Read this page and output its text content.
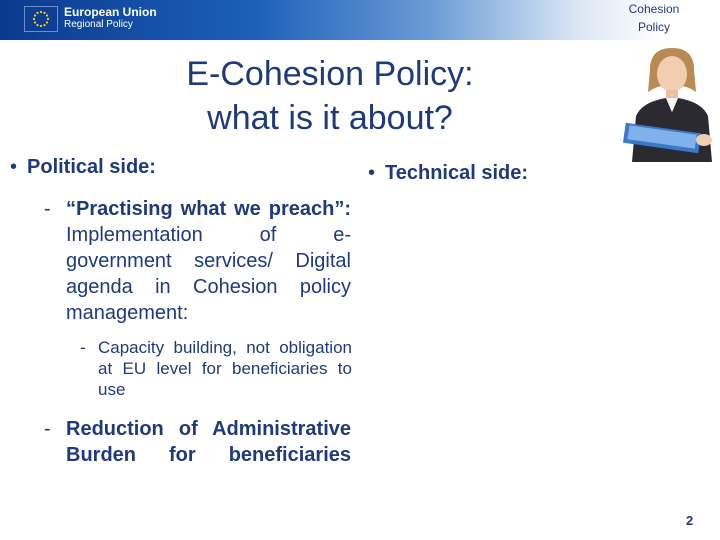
European Union
Regional Policy
Cohesion
Policy
E-Cohesion Policy:
what is it about?
• Political side:	• Technical side:
- “Practising what we preach”: Implementation of e-government services/ Digital agenda in Cohesion policy management:
- Capacity building, not obligation at EU level for beneficiaries to use
- Reduction of Administrative Burden for beneficiaries
2
